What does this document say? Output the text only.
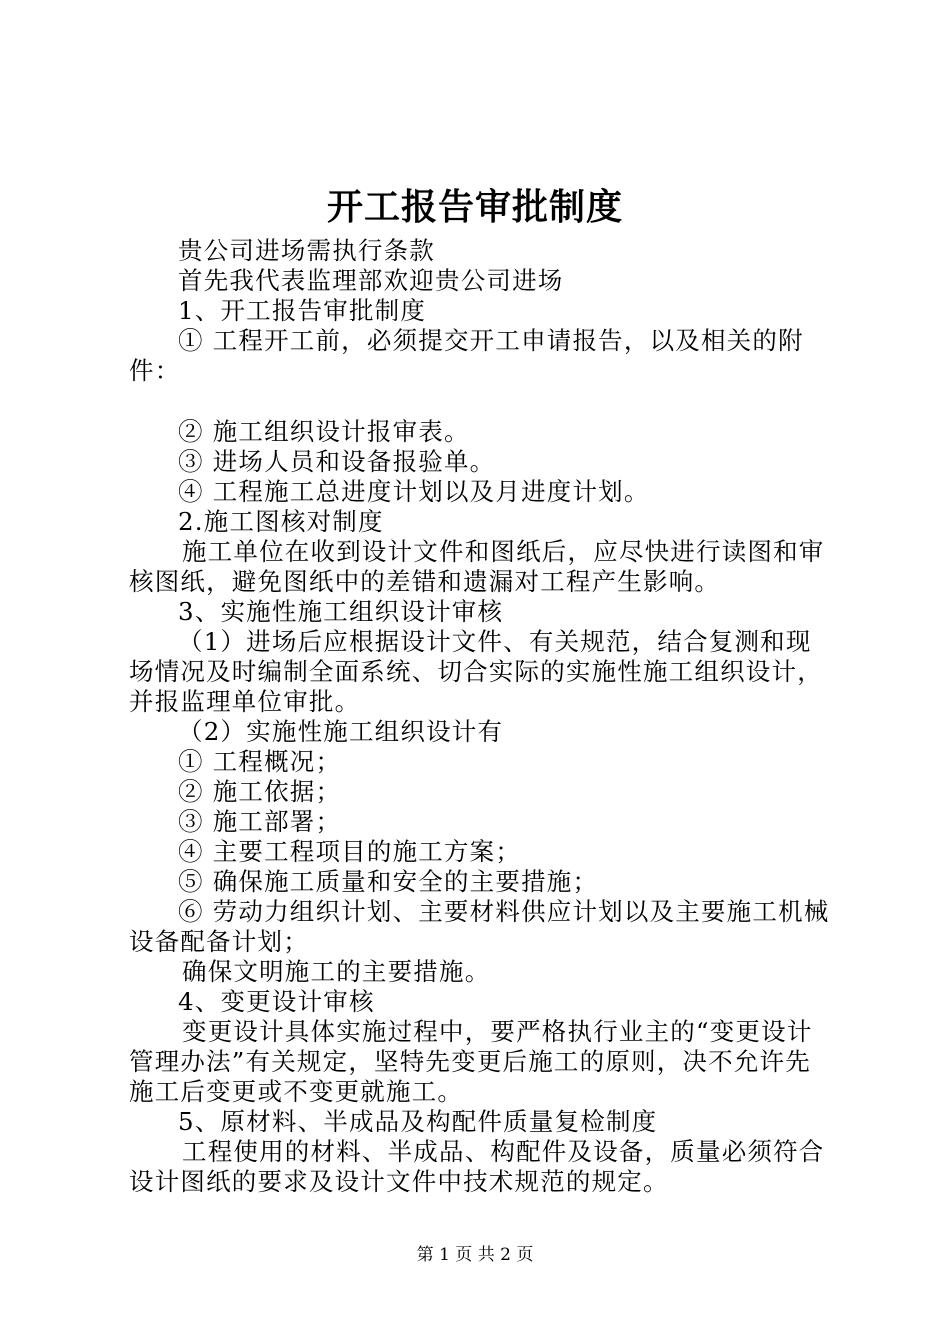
开工报告审批制度

贵公司进场需执行条款

首先我代表监理部欢迎贵公司进场

1、开工报告审批制度

① 工程开工前，必须提交开工申请报告，以及相关的附件：

② 施工组织设计报审表。

③ 进场人员和设备报验单。

④ 工程施工总进度计划以及月进度计划。

2.施工图核对制度

施工单位在收到设计文件和图纸后，应尽快进行读图和审核图纸，避免图纸中的差错和遗漏对工程产生影响。

3、实施性施工组织设计审核

（1）进场后应根据设计文件、有关规范，结合复测和现场情况及时编制全面系统、切合实际的实施性施工组织设计，并报监理单位审批。

（2）实施性施工组织设计有

① 工程概况；

② 施工依据；

③ 施工部署；

④ 主要工程项目的施工方案；

⑤ 确保施工质量和安全的主要措施；

⑥ 劳动力组织计划、主要材料供应计划以及主要施工机械设备配备计划；

确保文明施工的主要措施。

4、变更设计审核

变更设计具体实施过程中，要严格执行业主的“变更设计管理办法”有关规定，坚特先变更后施工的原则，决不允许先施工后变更或不变更就施工。

5、原材料、半成品及构配件质量复检制度

工程使用的材料、半成品、构配件及设备，质量必须符合设计图纸的要求及设计文件中技术规范的规定。

第 1 页 共 2 页
